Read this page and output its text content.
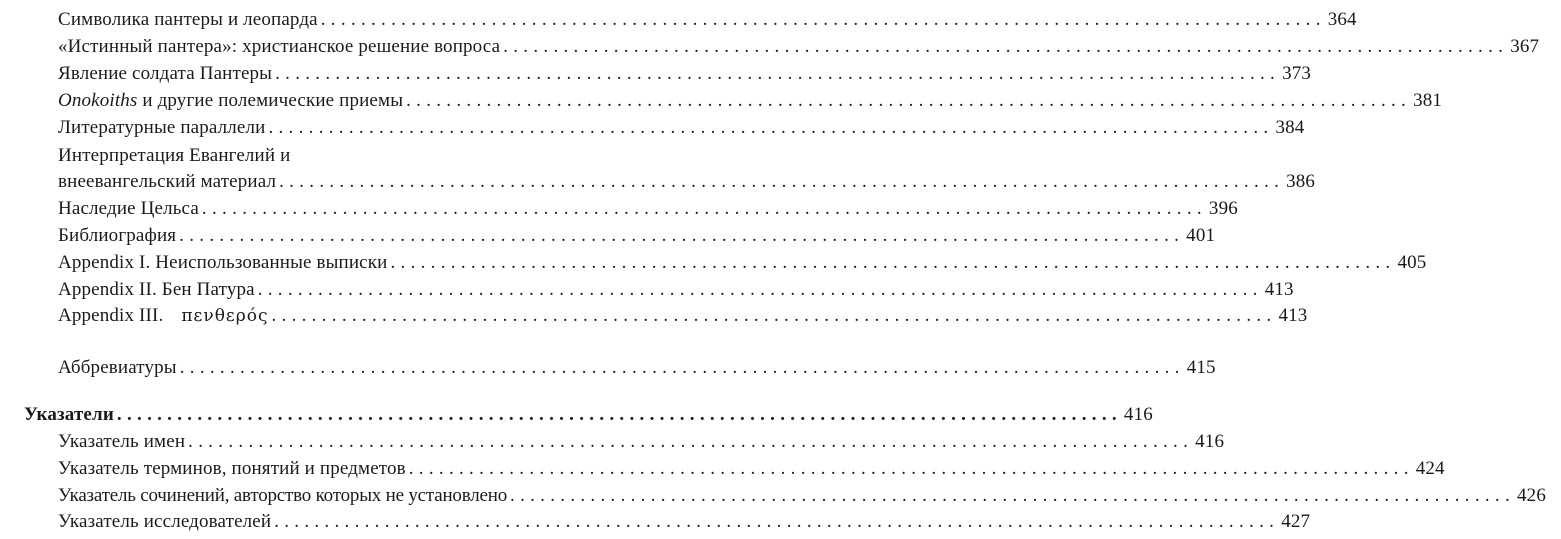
Символика пантеры и леопарда .................................................................................................... 364
«Истинный пантера»: христианское решение вопроса .................................................................................................... 367
Явление солдата Пантеры .................................................................................................... 373
Onokoiths и другие полемические приемы .................................................................................................... 381
Литературные параллели .................................................................................................... 384
Интерпретация Евангелий и
внеевангельский материал .................................................................................................... 386
Наследие Цельса .................................................................................................... 396
Библиография .................................................................................................... 401
Appendix I. Неиспользованные выписки .................................................................................................... 405
Appendix II. Бен Патура .................................................................................................... 413
Appendix III. πενθερός .................................................................................................... 413
Аббревиатуры .................................................................................................... 415
Указатели .................................................................................................... 416
Указатель имен .................................................................................................... 416
Указатель терминов, понятий и предметов .................................................................................................... 424
Указатель сочинений, авторство которых не установлено .................................................................................................... 426
Указатель исследователей .................................................................................................... 427
